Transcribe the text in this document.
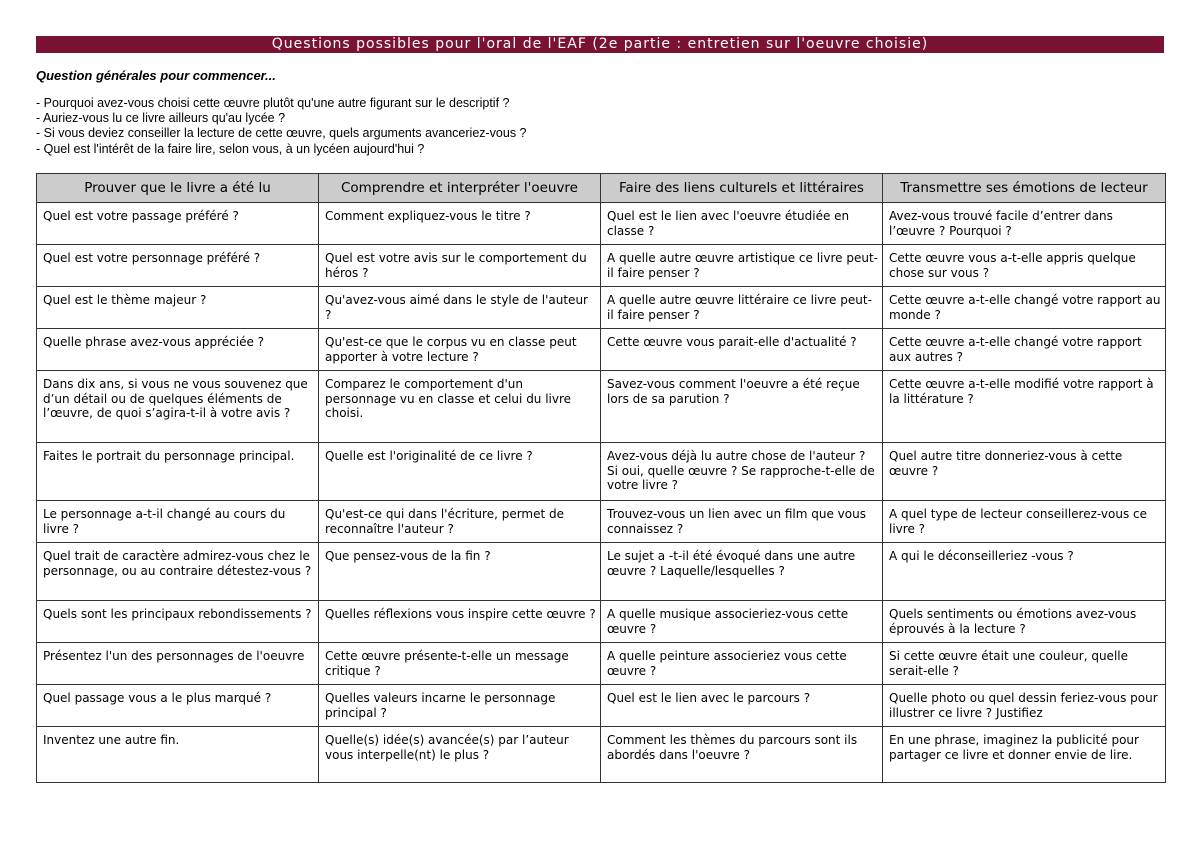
Questions possibles pour l'oral de l'EAF (2e partie : entretien sur l'oeuvre choisie)
Question générales pour commencer...
- Pourquoi avez-vous choisi cette œuvre plutôt qu'une autre figurant sur le descriptif ?
- Auriez-vous lu ce livre ailleurs qu'au lycée ?
- Si vous deviez conseiller la lecture de cette œuvre, quels arguments avanceriez-vous ?
- Quel est l'intérêt de la faire lire, selon vous, à un lycéen aujourd'hui ?
Prouver que le livre a été lu	Comprendre et interpréter l'oeuvre	Faire des liens culturels et littéraires	Transmettre ses émotions de lecteur
Quel est votre passage préféré ?	Comment expliquez-vous le titre ?	Quel est le lien avec l'oeuvre étudiée en classe ?	Avez-vous trouvé facile d’entrer dans l’œuvre ? Pourquoi ?
Quel est votre personnage préféré ?	Quel est votre avis sur le comportement du héros ?	A quelle autre œuvre artistique ce livre peut-il faire penser ?	Cette œuvre vous a-t-elle appris quelque chose sur vous ?
Quel est le thème majeur ?	Qu'avez-vous aimé dans le style de l'auteur ?	A quelle autre œuvre littéraire ce livre peut-il faire penser ?	Cette œuvre a-t-elle changé votre rapport au monde ?
Quelle phrase avez-vous appréciée ?	Qu'est-ce que le corpus vu en classe peut apporter à votre lecture ?	Cette œuvre vous parait-elle d'actualité ?	Cette œuvre a-t-elle changé votre rapport aux autres ?
Dans dix ans, si vous ne vous souvenez que d’un détail ou de quelques éléments de l’œuvre, de quoi s’agira-t-il à votre avis ?	Comparez le comportement d'un personnage vu en classe et celui du livre choisi.	Savez-vous comment l'oeuvre a été reçue lors de sa parution ?	Cette œuvre a-t-elle modifié votre rapport à la littérature ?
Faites le portrait du personnage principal.	Quelle est l'originalité de ce livre ?	Avez-vous déjà lu autre chose de l'auteur ? Si oui, quelle œuvre ? Se rapproche-t-elle de votre livre ?	Quel autre titre donneriez-vous à cette œuvre ?
Le personnage a-t-il changé au cours du livre ?	Qu'est-ce qui dans l'écriture, permet de reconnaître l'auteur ?	Trouvez-vous un lien avec un film que vous connaissez ?	A quel type de lecteur conseillerez-vous ce livre ?
Quel trait de caractère admirez-vous chez le personnage, ou au contraire détestez-vous ?	Que pensez-vous de la fin ?	Le sujet a -t-il été évoqué dans une autre œuvre ? Laquelle/lesquelles ?	A qui le déconseilleriez -vous ?
Quels sont les principaux rebondissements ?	Quelles réflexions vous inspire cette œuvre ?	A quelle musique associeriez-vous cette œuvre ?	Quels sentiments ou émotions avez-vous éprouvés à la lecture ?
Présentez l'un des personnages de l'oeuvre	Cette œuvre présente-t-elle un message critique ?	A quelle peinture associeriez vous cette œuvre ?	Si cette œuvre était une couleur, quelle serait-elle ?
Quel passage vous a le plus marqué ?	Quelles valeurs incarne le personnage principal ?	Quel est le lien avec le parcours ?	Quelle photo ou quel dessin feriez-vous pour illustrer ce livre ? Justifiez
Inventez une autre fin.	Quelle(s) idée(s) avancée(s) par l’auteur vous interpelle(nt) le plus ?	Comment les thèmes du parcours sont ils abordés dans l'oeuvre ?	En une phrase, imaginez la publicité pour partager ce livre et donner envie de lire.
